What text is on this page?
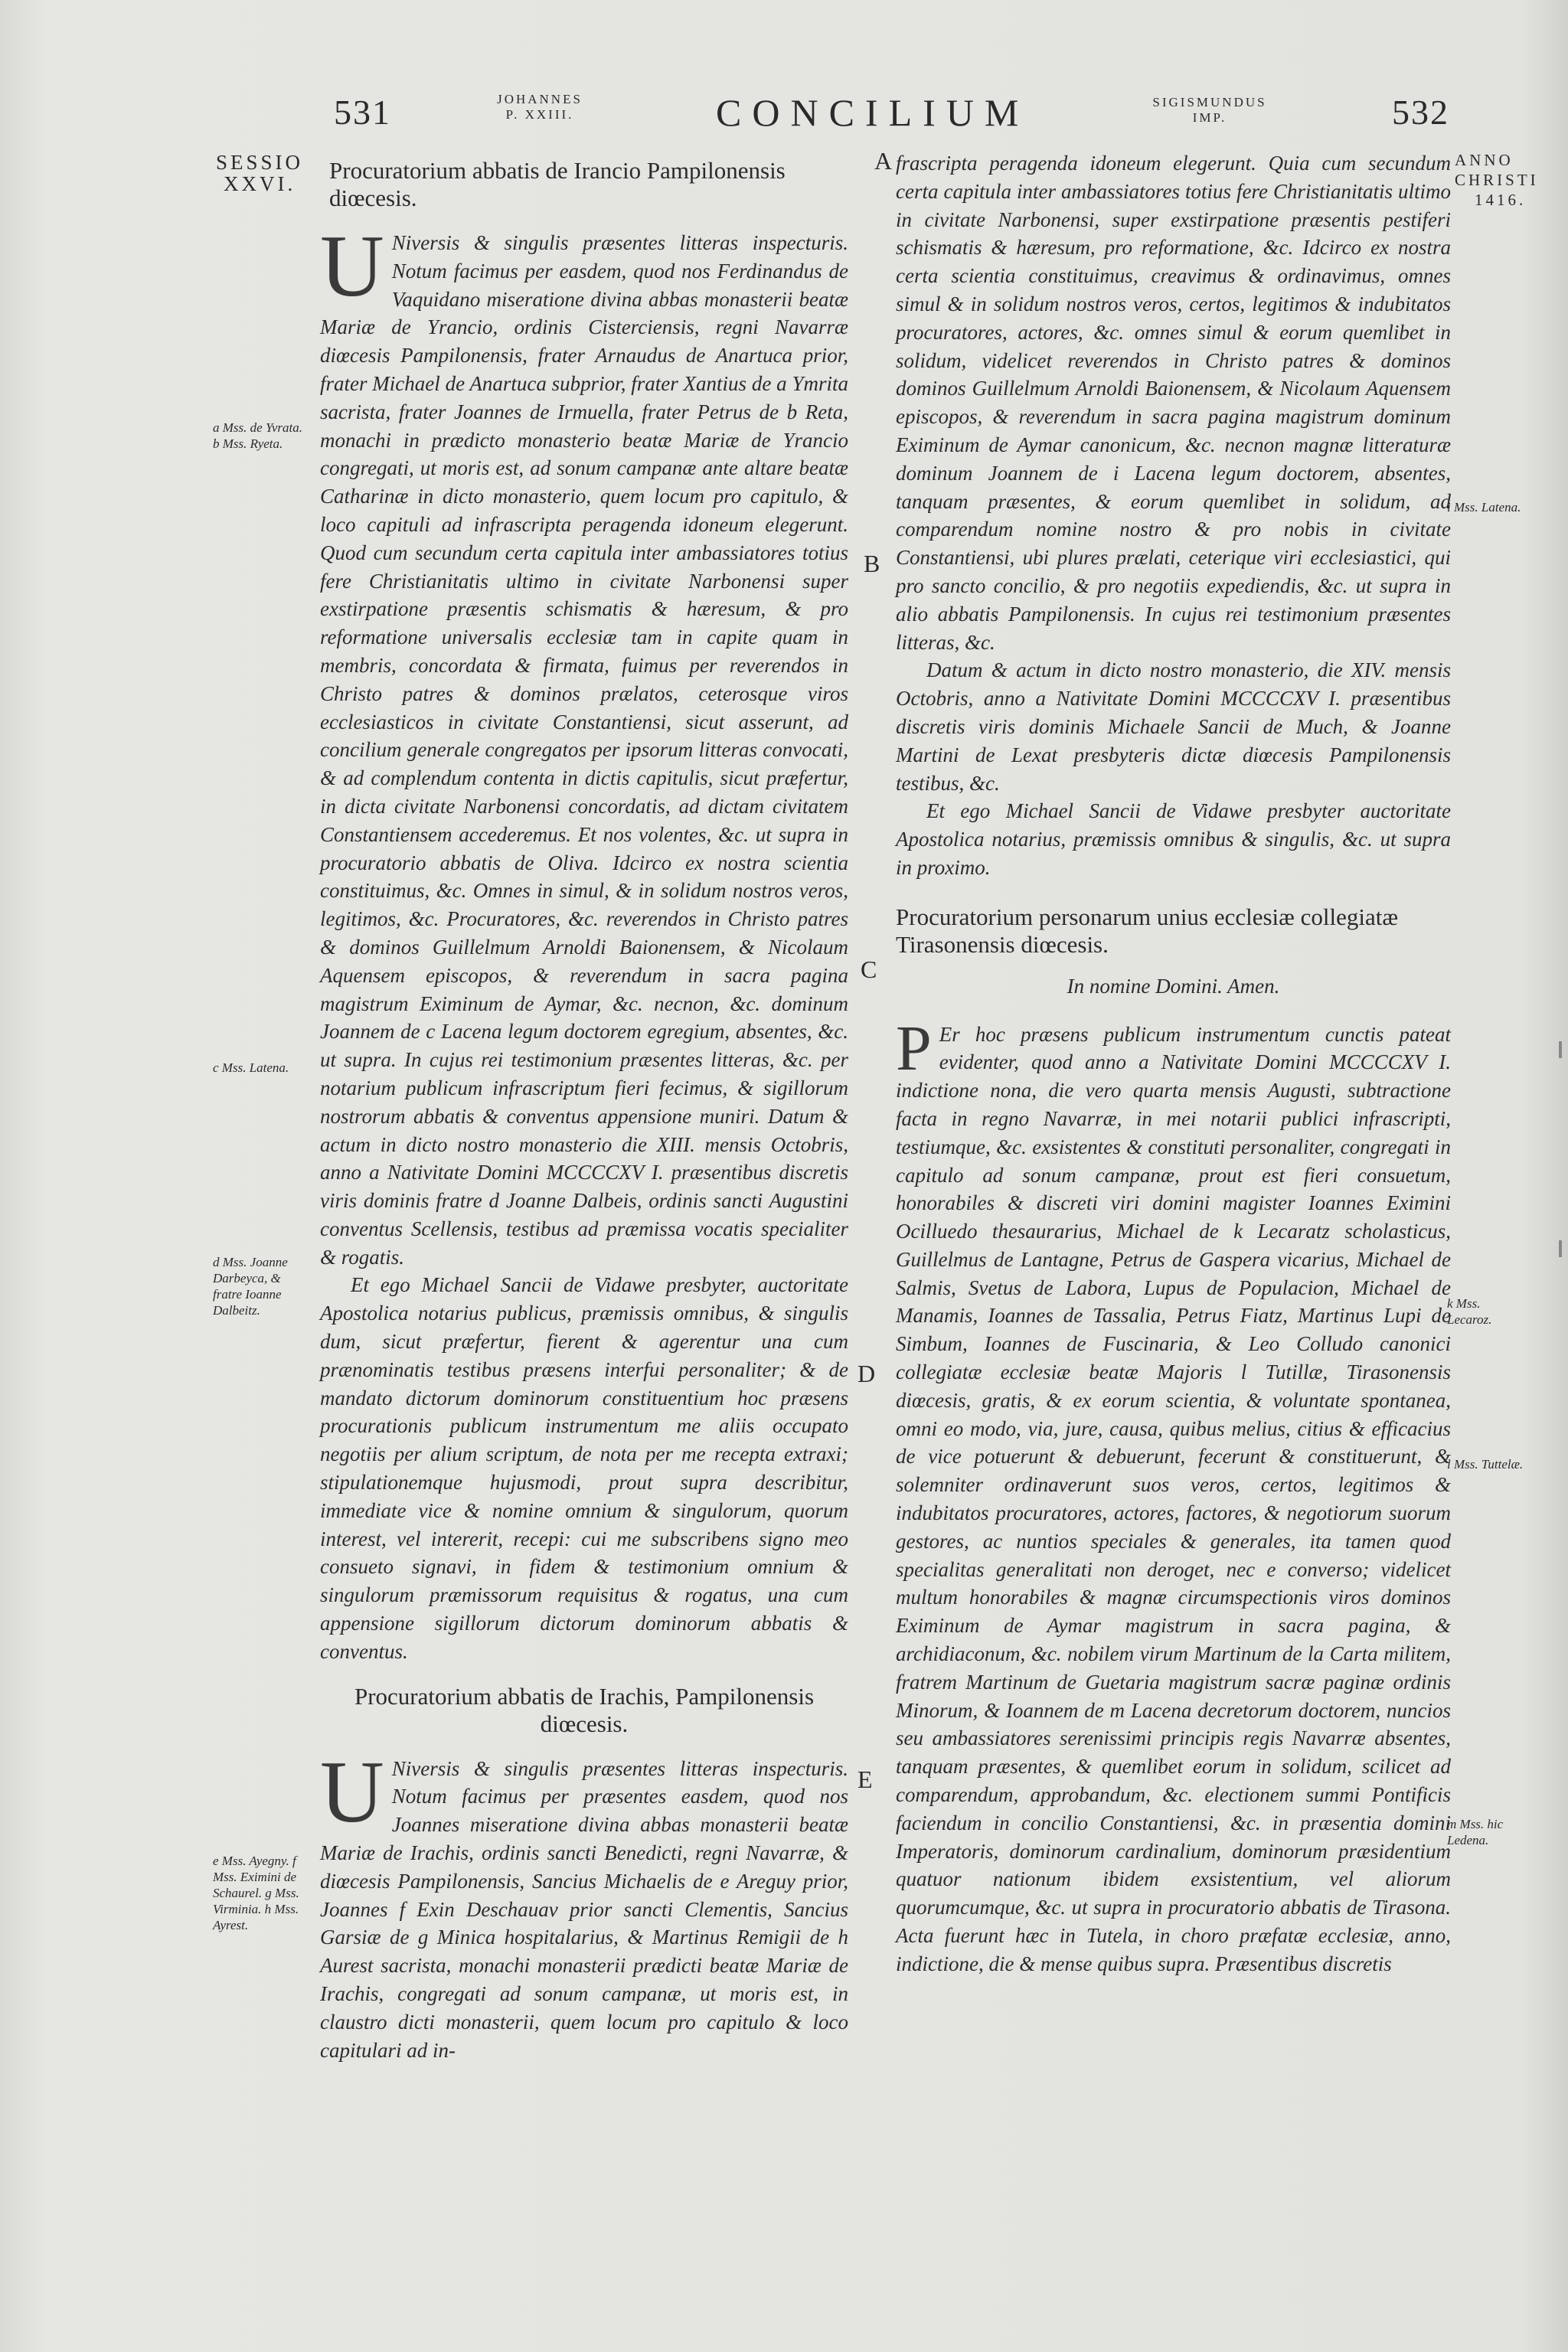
531	JOHANNES
P. XXIII.	CONCILIUM	SIGISMUNDUS
IMP.	532
SESSIO
XXVI.
ANNO
CHRISTI
1416.
Procuratorium abbatis de Irancio Pampilonensis diœcesis.

U Niversis & singulis præsentes litteras inspecturis. Notum facimus per easdem, quod nos Ferdinandus de Vaquidano miseratione divina abbas monasterii beatæ Mariæ de Yrancio, ordinis Cisterciensis, regni Navarræ diœcesis Pampilonensis, frater Arnaudus de Anartuca prior, frater Michael de Anartuca subprior, frater Xantius de a Ymrita sacrista, frater Joannes de Irmuella, frater Petrus de b Reta, monachi in prædicto monasterio beatæ Mariæ de Yrancio congregati, ut moris est, ad sonum campanæ ante altare beatæ Catharinæ in dicto monasterio, quem locum pro capitulo, & loco capituli ad infrascripta peragenda idoneum elegerunt. Quod cum secundum certa capitula inter ambassiatores totius fere Christianitatis ultimo in civitate Narbonensi super exstirpatione præsentis schismatis & hæresum, & pro reformatione universalis ecclesiæ tam in capite quam in membris, concordata & firmata, fuimus per reverendos in Christo patres & dominos prælatos, ceterosque viros ecclesiasticos in civitate Constantiensi, sicut asserunt, ad concilium generale congregatos per ipsorum litteras convocati, & ad complendum contenta in dictis capitulis, sicut præfertur, in dicta civitate Narbonensi concordatis, ad dictam civitatem Constantiensem accederemus. Et nos volentes, &c. ut supra in procuratorio abbatis de Oliva. Idcirco ex nostra scientia constituimus, &c. Omnes in simul, & in solidum nostros veros, legitimos, &c. Procuratores, &c. reverendos in Christo patres & dominos Guillelmum Arnoldi Baionensem, & Nicolaum Aquensem episcopos, & reverendum in sacra pagina magistrum Eximinum de Aymar, &c. necnon, &c. dominum Joannem de c Lacena legum doctorem egregium, absentes, &c. ut supra. In cujus rei testimonium præsentes litteras, &c. per notarium publicum infrascriptum fieri fecimus, & sigillorum nostrorum abbatis & conventus appensione muniri. Datum & actum in dicto nostro monasterio die XIII. mensis Octobris, anno a Nativitate Domini MCCCCXV I. præsentibus discretis viris dominis fratre d Joanne Dalbeis, ordinis sancti Augustini conventus Scellensis, testibus ad præmissa vocatis specialiter & rogatis.

Et ego Michael Sancii de Vidawe presbyter, auctoritate Apostolica notarius publicus, præmissis omnibus, & singulis dum, sicut præfertur, fierent & agerentur una cum prænominatis testibus præsens interfui personaliter; & de mandato dictorum dominorum constituentium hoc præsens procurationis publicum instrumentum me aliis occupato negotiis per alium scriptum, de nota per me recepta extraxi; stipulationemque hujusmodi, prout supra describitur, immediate vice & nomine omnium & singulorum, quorum interest, vel intererit, recepi: cui me subscribens signo meo consueto signavi, in fidem & testimonium omnium & singulorum præmissorum requisitus & rogatus, una cum appensione sigillorum dictorum dominorum abbatis & conventus.

Procuratorium abbatis de Irachis, Pampilonensis diœcesis.

U Niversis & singulis præsentes litteras inspecturis. Notum facimus per præsentes easdem, quod nos Joannes miseratione divina abbas monasterii beatæ Mariæ de Irachis, ordinis sancti Benedicti, regni Navarræ, & diœcesis Pampilonensis, Sancius Michaelis de e Areguy prior, Joannes f Exin Deschauav prior sancti Clementis, Sancius Garsiæ de g Minica hospitalarius, & Martinus Remigii de h Aurest sacrista, monachi monasterii prædicti beatæ Mariæ de Irachis, congregati ad sonum campanæ, ut moris est, in claustro dicti monasterii, quem locum pro capitulo & loco capitulari ad in-

frascripta peragenda idoneum elegerunt. Quia cum secundum certa capitula inter ambassiatores totius fere Christianitatis ultimo in civitate Narbonensi, super exstirpatione præsentis pestiferi schismatis & hæresum, pro reformatione, &c. Idcirco ex nostra certa scientia constituimus, creavimus & ordinavimus, omnes simul & in solidum nostros veros, certos, legitimos & indubitatos procuratores, actores, &c. omnes simul & eorum quemlibet in solidum, videlicet reverendos in Christo patres & dominos dominos Guillelmum Arnoldi Baionensem, & Nicolaum Aquensem episcopos, & reverendum in sacra pagina magistrum dominum Eximinum de Aymar canonicum, &c. necnon magnæ litteraturæ dominum Joannem de i Lacena legum doctorem, absentes, tanquam præsentes, & eorum quemlibet in solidum, ad comparendum nomine nostro & pro nobis in civitate Constantiensi, ubi plures prælati, ceterique viri ecclesiastici, qui pro sancto concilio, & pro negotiis expediendis, &c. ut supra in alio abbatis Pampilonensis. In cujus rei testimonium præsentes litteras, &c.

Datum & actum in dicto nostro monasterio, die XIV. mensis Octobris, anno a Nativitate Domini MCCCCXV I. præsentibus discretis viris dominis Michaele Sancii de Much, & Joanne Martini de Lexat presbyteris dictæ diœcesis Pampilonensis testibus, &c.

Et ego Michael Sancii de Vidawe presbyter auctoritate Apostolica notarius, præmissis omnibus & singulis, &c. ut supra in proximo.

Procuratorium personarum unius ecclesiæ collegiatæ Tirasonensis diœcesis.

In nomine Domini. Amen.

P Er hoc præsens publicum instrumentum cunctis pateat evidenter, quod anno a Nativitate Domini MCCCCXV I. indictione nona, die vero quarta mensis Augusti, subtractione facta in regno Navarræ, in mei notarii publici infrascripti, testiumque, &c. exsistentes & constituti personaliter, congregati in capitulo ad sonum campanæ, prout est fieri consuetum, honorabiles & discreti viri domini magister Ioannes Eximini Ocilluedo thesaurarius, Michael de k Lecaratz scholasticus, Guillelmus de Lantagne, Petrus de Gaspera vicarius, Michael de Salmis, Svetus de Labora, Lupus de Populacion, Michael de Manamis, Ioannes de Tassalia, Petrus Fiatz, Martinus Lupi de Simbum, Ioannes de Fuscinaria, & Leo Colludo canonici collegiatæ ecclesiæ beatæ Majoris l Tutillæ, Tirasonensis diœcesis, gratis, & ex eorum scientia, & voluntate spontanea, omni eo modo, via, jure, causa, quibus melius, citius & efficacius de vice potuerunt & debuerunt, fecerunt & constituerunt, & solemniter ordinaverunt suos veros, certos, legitimos & indubitatos procuratores, actores, factores, & negotiorum suorum gestores, ac nuntios speciales & generales, ita tamen quod specialitas generalitati non deroget, nec e converso; videlicet multum honorabiles & magnæ circumspectionis viros dominos Eximinum de Aymar magistrum in sacra pagina, & archidiaconum, &c. nobilem virum Martinum de la Carta militem, fratrem Martinum de Guetaria magistrum sacræ paginæ ordinis Minorum, & Ioannem de m Lacena decretorum doctorem, nuncios seu ambassiatores serenissimi principis regis Navarræ absentes, tanquam præsentes, & quemlibet eorum in solidum, scilicet ad comparendum, approbandum, &c. electionem summi Pontificis faciendum in concilio Constantiensi, &c. in præsentia domini Imperatoris, dominorum cardinalium, dominorum præsidentium quatuor nationum ibidem exsistentium, vel aliorum quorumcumque, &c. ut supra in procuratorio abbatis de Tirasona. Acta fuerunt hæc in Tutela, in choro præfatæ ecclesiæ, anno, indictione, die & mense quibus supra. Præsentibus discretis

A
B
C
D
E
a Mss. de Yvrata. b Mss. Ryeta.
c Mss. Latena.
d Mss. Joanne Darbeyca, & fratre Ioanne Dalbeitz.
e Mss. Ayegny. f Mss. Eximini de Schaurel. g Mss. Virminia. h Mss. Ayrest.
i Mss. Latena.
k Mss. Lecaroz.
l Mss. Tuttelæ.
m Mss. hic Ledena.
